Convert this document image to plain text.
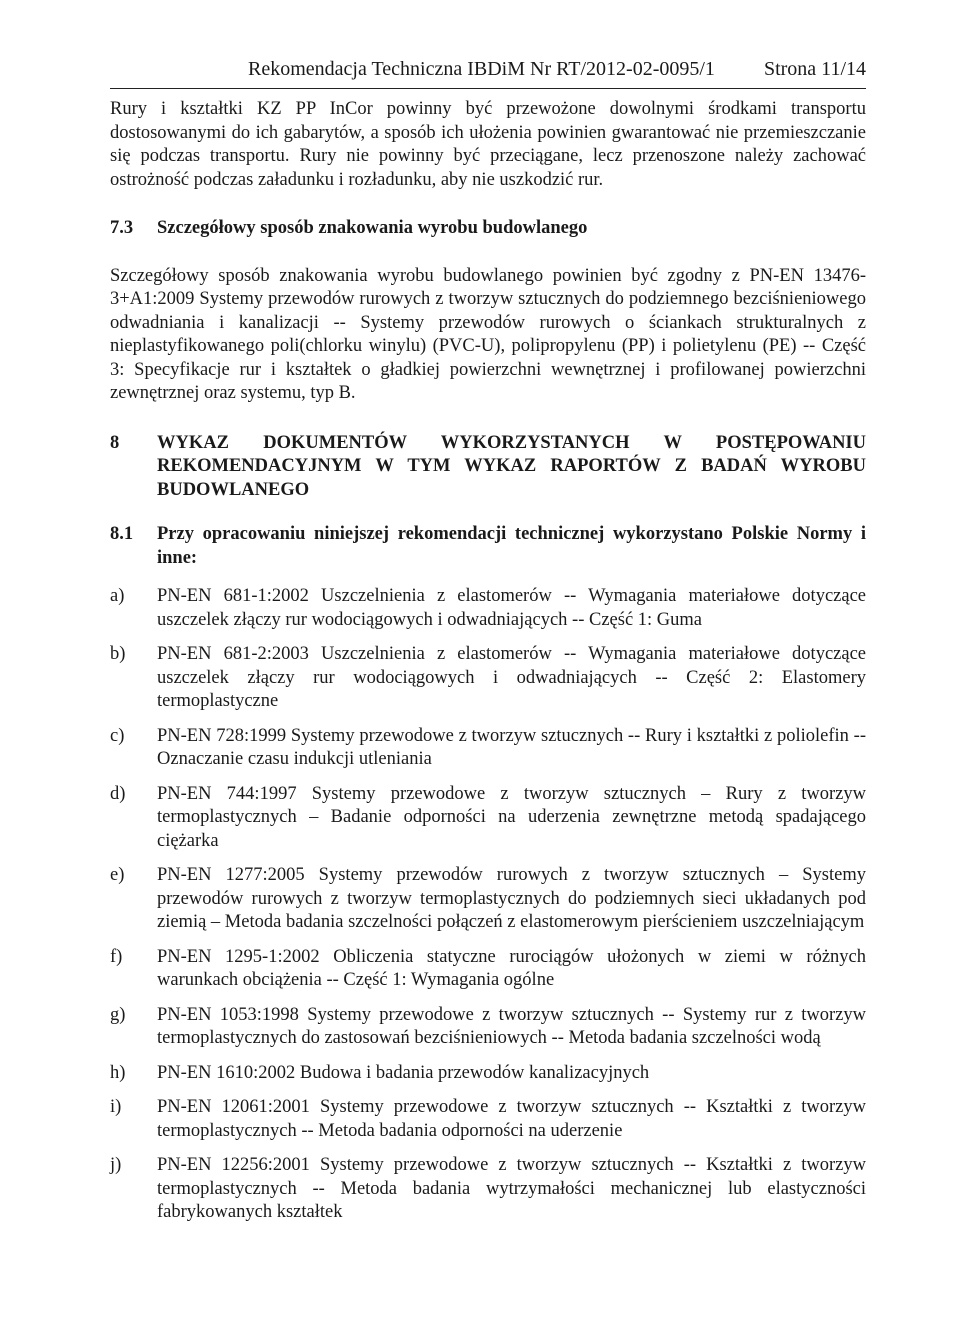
Rekomendacja Techniczna IBDiM Nr RT/2012-02-0095/1 Strona 11/14

Rury i kształtki KZ PP InCor powinny być przewożone dowolnymi środkami transportu dostosowanymi do ich gabarytów, a sposób ich ułożenia powinien gwarantować nie przemieszczanie się podczas transportu. Rury nie powinny być przeciągane, lecz przenoszone należy zachować ostrożność podczas załadunku i rozładunku, aby nie uszkodzić rur.

7.3	Szczegółowy sposób znakowania wyrobu budowlanego

Szczegółowy sposób znakowania wyrobu budowlanego powinien być zgodny z PN-EN 13476-3+A1:2009 Systemy przewodów rurowych z tworzyw sztucznych do podziemnego bezciśnieniowego odwadniania i kanalizacji -- Systemy przewodów rurowych o ściankach strukturalnych z nieplastyfikowanego poli(chlorku winylu) (PVC-U), polipropylenu (PP) i polietylenu (PE) -- Część 3: Specyfikacje rur i kształtek o gładkiej powierzchni wewnętrznej i profilowanej powierzchni zewnętrznej oraz systemu, typ B.

8	WYKAZ DOKUMENTÓW WYKORZYSTANYCH W POSTĘPOWANIU REKOMENDACYJNYM W TYM WYKAZ RAPORTÓW Z BADAŃ WYROBU BUDOWLANEGO
8.1	Przy opracowaniu niniejszej rekomendacji technicznej wykorzystano Polskie Normy i inne:
a)	PN-EN 681-1:2002 Uszczelnienia z elastomerów -- Wymagania materiałowe dotyczące uszczelek złączy rur wodociągowych i odwadniających -- Część 1: Guma
b)	PN-EN 681-2:2003 Uszczelnienia z elastomerów -- Wymagania materiałowe dotyczące uszczelek złączy rur wodociągowych i odwadniających -- Część 2: Elastomery termoplastyczne
c)	PN-EN 728:1999 Systemy przewodowe z tworzyw sztucznych -- Rury i kształtki z poliolefin -- Oznaczanie czasu indukcji utleniania
d)	PN-EN 744:1997 Systemy przewodowe z tworzyw sztucznych – Rury z tworzyw termoplastycznych – Badanie odporności na uderzenia zewnętrzne metodą spadającego ciężarka
e)	PN-EN 1277:2005 Systemy przewodów rurowych z tworzyw sztucznych – Systemy przewodów rurowych z tworzyw termoplastycznych do podziemnych sieci układanych pod ziemią – Metoda badania szczelności połączeń z elastomerowym pierścieniem uszczelniającym
f)	PN-EN 1295-1:2002 Obliczenia statyczne rurociągów ułożonych w ziemi w różnych warunkach obciążenia -- Część 1: Wymagania ogólne
g)	PN-EN 1053:1998 Systemy przewodowe z tworzyw sztucznych -- Systemy rur z tworzyw termoplastycznych do zastosowań bezciśnieniowych -- Metoda badania szczelności wodą
h)	PN-EN 1610:2002 Budowa i badania przewodów kanalizacyjnych
i)	PN-EN 12061:2001 Systemy przewodowe z tworzyw sztucznych -- Kształtki z tworzyw termoplastycznych -- Metoda badania odporności na uderzenie
j)	PN-EN 12256:2001 Systemy przewodowe z tworzyw sztucznych -- Kształtki z tworzyw termoplastycznych -- Metoda badania wytrzymałości mechanicznej lub elastyczności fabrykowanych kształtek
